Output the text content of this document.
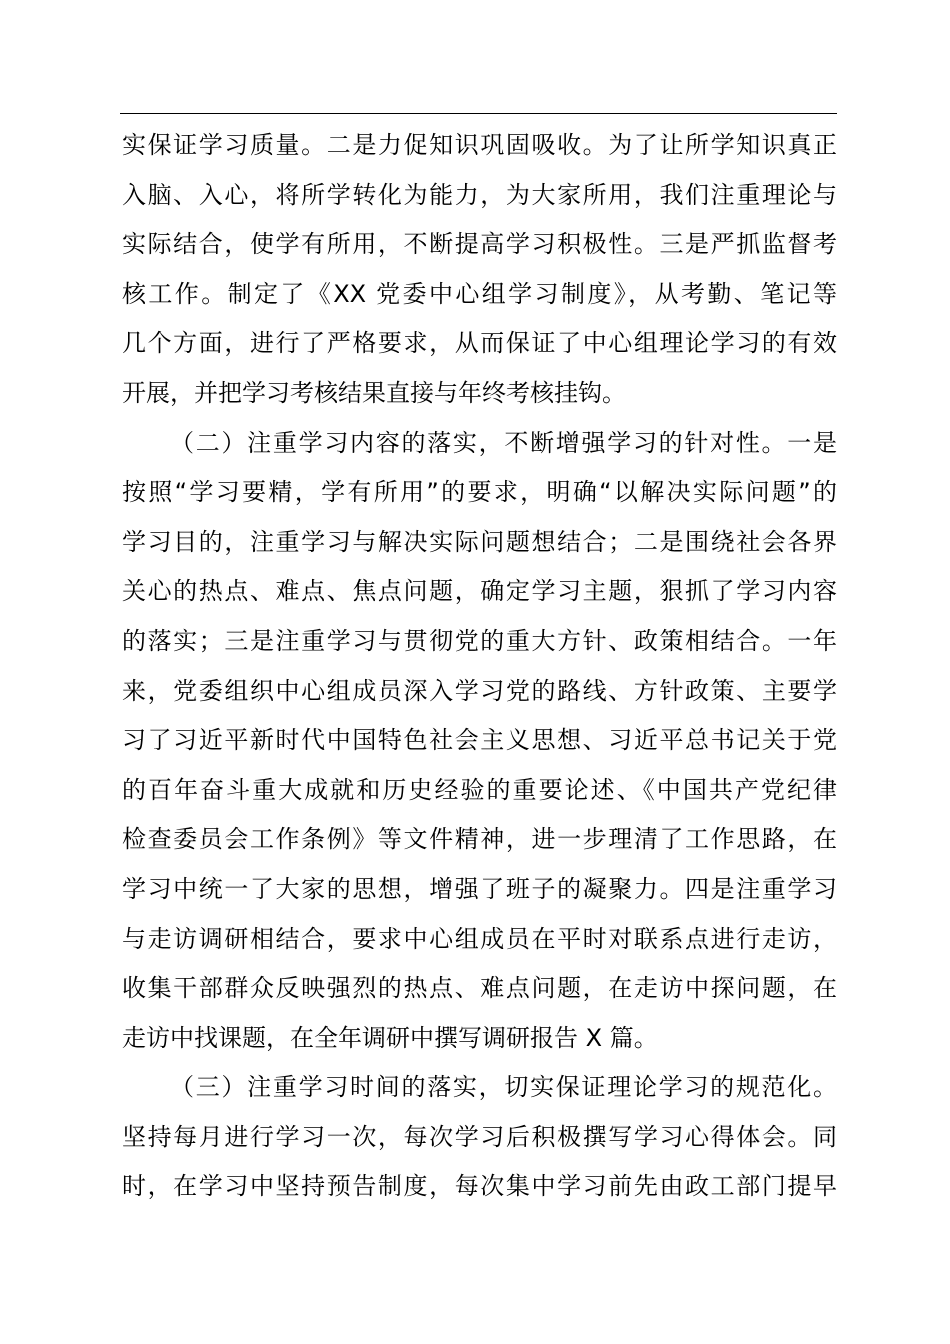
实保证学习质量。二是力促知识巩固吸收。为了让所学知识真正
入脑、入心，将所学转化为能力，为大家所用，我们注重理论与
实际结合，使学有所用，不断提高学习积极性。三是严抓监督考
核工作。制定了《XX 党委中心组学习制度》，从考勤、笔记等
几个方面，进行了严格要求，从而保证了中心组理论学习的有效
开展，并把学习考核结果直接与年终考核挂钩。
（二）注重学习内容的落实，不断增强学习的针对性。一是
按照“学习要精，学有所用”的要求，明确“以解决实际问题”的
学习目的，注重学习与解决实际问题想结合；二是围绕社会各界
关心的热点、难点、焦点问题，确定学习主题，狠抓了学习内容
的落实；三是注重学习与贯彻党的重大方针、政策相结合。一年
来，党委组织中心组成员深入学习党的路线、方针政策、主要学
习了习近平新时代中国特色社会主义思想、习近平总书记关于党
的百年奋斗重大成就和历史经验的重要论述、《中国共产党纪律
检查委员会工作条例》等文件精神，进一步理清了工作思路，在
学习中统一了大家的思想，增强了班子的凝聚力。四是注重学习
与走访调研相结合，要求中心组成员在平时对联系点进行走访，
收集干部群众反映强烈的热点、难点问题，在走访中探问题，在
走访中找课题，在全年调研中撰写调研报告 X 篇。
（三）注重学习时间的落实，切实保证理论学习的规范化。
坚持每月进行学习一次，每次学习后积极撰写学习心得体会。同
时，在学习中坚持预告制度，每次集中学习前先由政工部门提早
